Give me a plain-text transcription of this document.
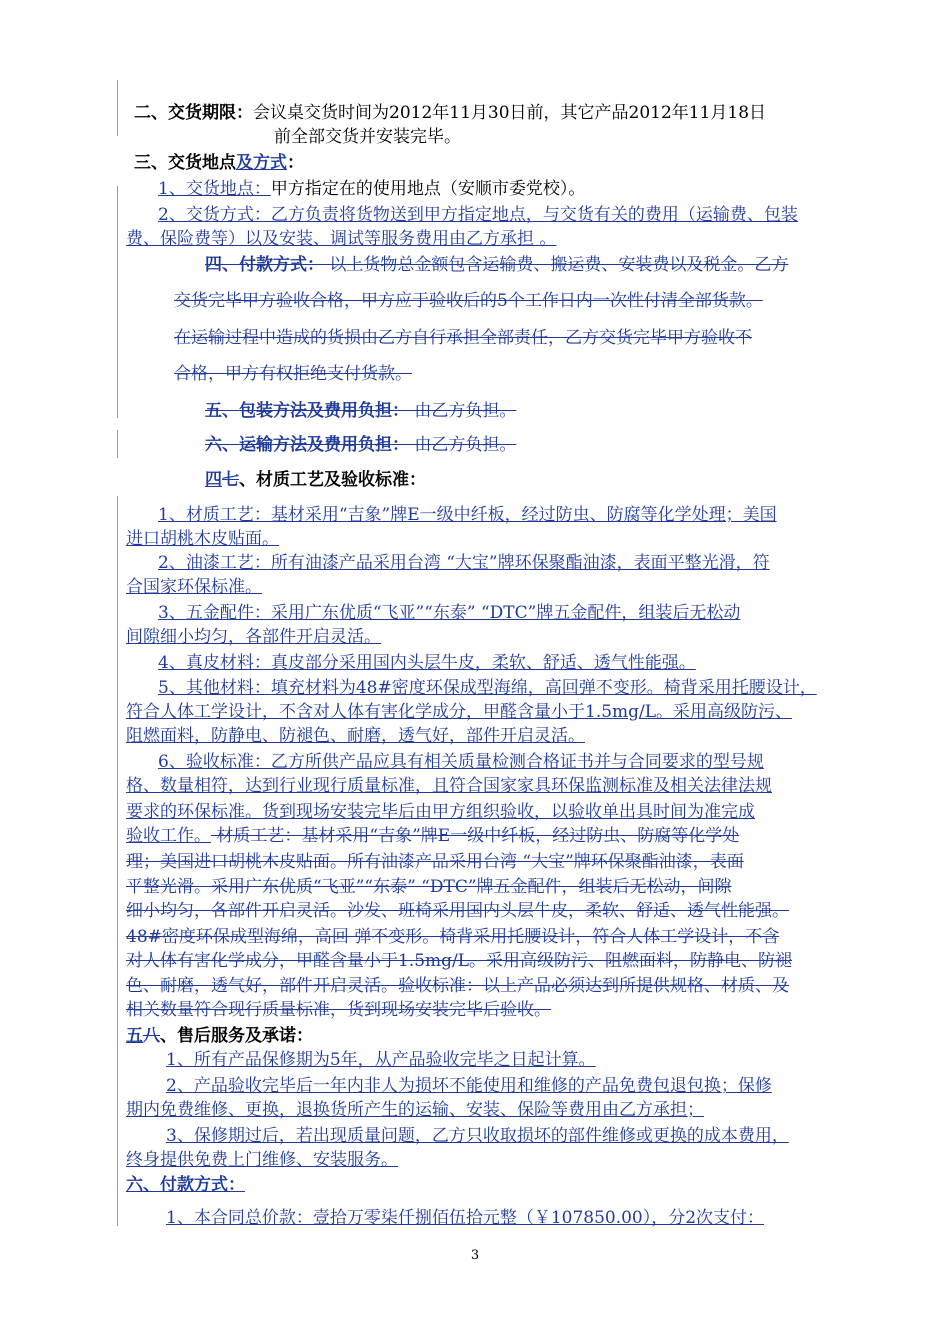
二、交货期限：会议桌交货时间为2012年11月30日前，其它产品2012年11月18日
前全部交货并安装完毕。
三、交货地点及方式：
1、交货地点：甲方指定在的使用地点（安顺市委党校）。
2、交货方式：乙方负责将货物送到甲方指定地点，与交货有关的费用（运输费、包装
费、保险费等）以及安装、调试等服务费用由乙方承担 。
四、付款方式： 以上货物总金额包含运输费、搬运费、安装费以及税金。乙方
交货完毕甲方验收合格，甲方应于验收后的5个工作日内一次性付清全部货款。
在运输过程中造成的货损由乙方自行承担全部责任，乙方交货完毕甲方验收不
合格，甲方有权拒绝支付货款。
五、包装方法及费用负担： 由乙方负担。
六、运输方法及费用负担： 由乙方负担。
四七、材质工艺及验收标准：
1、材质工艺：基材采用“吉象”牌E一级中纤板，经过防虫、防腐等化学处理；美国
进口胡桃木皮贴面。
2、油漆工艺：所有油漆产品采用台湾 “大宝”牌环保聚酯油漆，表面平整光滑，符
合国家环保标准。
3、五金配件：采用广东优质“飞亚”“东泰” “DTC”牌五金配件，组装后无松动
间隙细小均匀，各部件开启灵活。
4、真皮材料：真皮部分采用国内头层牛皮，柔软、舒适、透气性能强。
5、其他材料：填充材料为48#密度环保成型海绵，高回弹不变形。椅背采用托腰设计，
符合人体工学设计，不含对人体有害化学成分，甲醛含量小于1.5mg/L。采用高级防污、
阻燃面料，防静电、防褪色、耐磨，透气好，部件开启灵活。
6、验收标准：乙方所供产品应具有相关质量检测合格证书并与合同要求的型号规
格、数量相符，达到行业现行质量标准，且符合国家家具环保监测标准及相关法律法规
要求的环保标准。货到现场安装完毕后由甲方组织验收，以验收单出具时间为准完成
验收工作。 材质工艺：基材采用“吉象”牌E一级中纤板，经过防虫、防腐等化学处
理；美国进口胡桃木皮贴面。所有油漆产品采用台湾 “大宝”牌环保聚酯油漆，表面
平整光滑。采用广东优质“飞亚”“东泰” “DTC”牌五金配件，组装后无松动，间隙
细小均匀，各部件开启灵活。沙发、班椅采用国内头层牛皮，柔软、舒适、透气性能强。
48#密度环保成型海绵，高回 弹不变形。椅背采用托腰设计，符合人体工学设计，不含
对人体有害化学成分，甲醛含量小于1.5mg/L。采用高级防污、阻燃面料，防静电、防褪
色、耐磨，透气好，部件开启灵活。验收标准：以上产品必须达到所提供规格、材质、及
相关数量符合现行质量标准，货到现场安装完毕后验收。
五八、售后服务及承诺：
1、所有产品保修期为5年，从产品验收完毕之日起计算。
2、产品验收完毕后一年内非人为损坏不能使用和维修的产品免费包退包换；保修
期内免费维修、更换，退换货所产生的运输、安装、保险等费用由乙方承担；
3、保修期过后，若出现质量问题，乙方只收取损坏的部件维修或更换的成本费用，
终身提供免费上门维修、安装服务。
六、付款方式：
1、本合同总价款：壹拾万零柒仟捌佰伍拾元整（￥107850.00），分2次支付：
3
